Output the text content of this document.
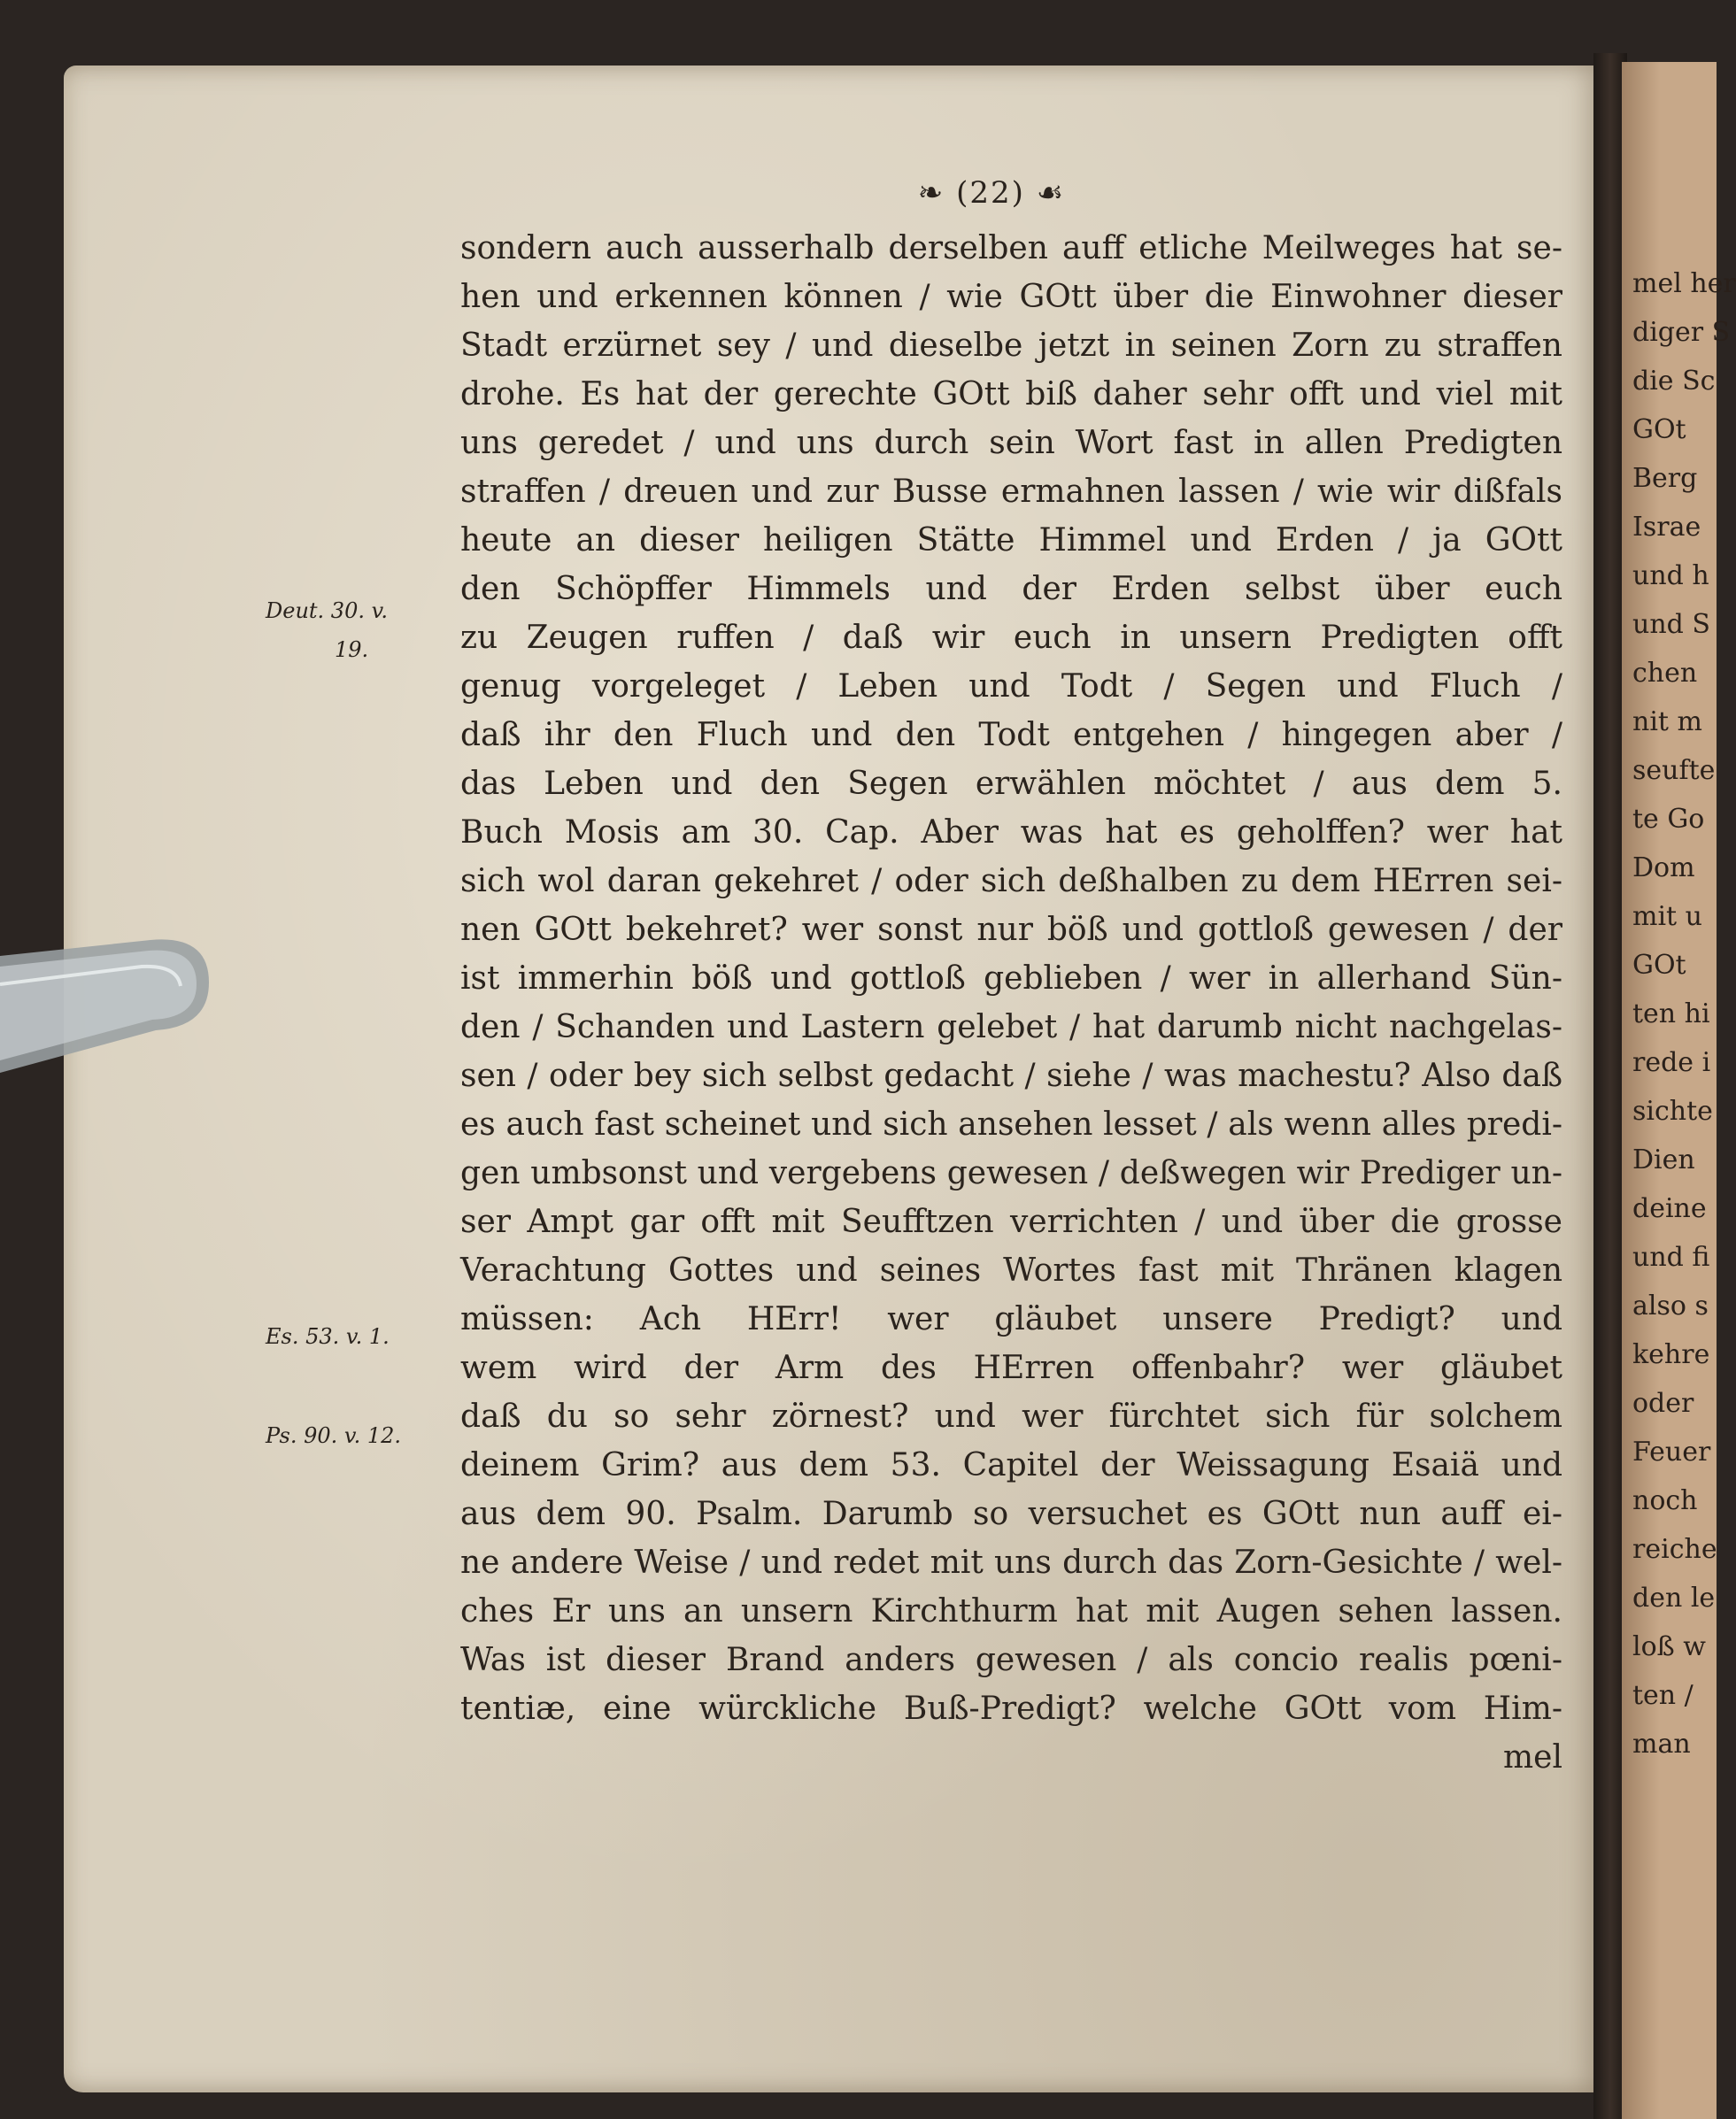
mel her
diger S
die Sc
GOt
Berg
Israe
und h
und S
chen
nit m
seufte
te Go
Dom
mit u
GOt
ten hi
rede i
sichte
Dien
deine
und fi
also s
kehre
oder
Feuer
noch
reiche
den le
loß w
ten /
man
❧ (22) ☙
sondern auch ausserhalb derselben auff etliche Meilweges hat se-
hen und erkennen können / wie GOtt über die Einwohner dieser
Stadt erzürnet sey / und dieselbe jetzt in seinen Zorn zu straffen
drohe. Es hat der gerechte GOtt biß daher sehr offt und viel mit
uns geredet / und uns durch sein Wort fast in allen Predigten
straffen / dreuen und zur Busse ermahnen lassen / wie wir dißfals
heute an dieser heiligen Stätte Himmel und Erden / ja GOtt
den Schöpffer Himmels und der Erden selbst über euch
zu Zeugen ruffen / daß wir euch in unsern Predigten offt
genug vorgeleget / Leben und Todt / Segen und Fluch /
daß ihr den Fluch und den Todt entgehen / hingegen aber /
das Leben und den Segen erwählen möchtet / aus dem 5.
Buch Mosis am 30. Cap. Aber was hat es geholffen? wer hat
sich wol daran gekehret / oder sich deßhalben zu dem HErren sei-
nen GOtt bekehret? wer sonst nur böß und gottloß gewesen / der
ist immerhin böß und gottloß geblieben / wer in allerhand Sün-
den / Schanden und Lastern gelebet / hat darumb nicht nachgelas-
sen / oder bey sich selbst gedacht / siehe / was machestu? Also daß
es auch fast scheinet und sich ansehen lesset / als wenn alles predi-
gen umbsonst und vergebens gewesen / deßwegen wir Prediger un-
ser Ampt gar offt mit Seufftzen verrichten / und über die grosse
Verachtung Gottes und seines Wortes fast mit Thränen klagen
müssen: Ach HErr! wer gläubet unsere Predigt? und
wem wird der Arm des HErren offenbahr? wer gläubet
daß du so sehr zörnest? und wer fürchtet sich für solchem
deinem Grim? aus dem 53. Capitel der Weissagung Esaiä und
aus dem 90. Psalm. Darumb so versuchet es GOtt nun auff ei-
ne andere Weise / und redet mit uns durch das Zorn-Gesichte / wel-
ches Er uns an unsern Kirchthurm hat mit Augen sehen lassen.
Was ist dieser Brand anders gewesen / als concio realis pœni-
tentiæ, eine würckliche Buß-Predigt? welche GOtt vom Him-
mel
Deut. 30. v.
19.
Es. 53. v. 1.
Ps. 90. v. 12.
